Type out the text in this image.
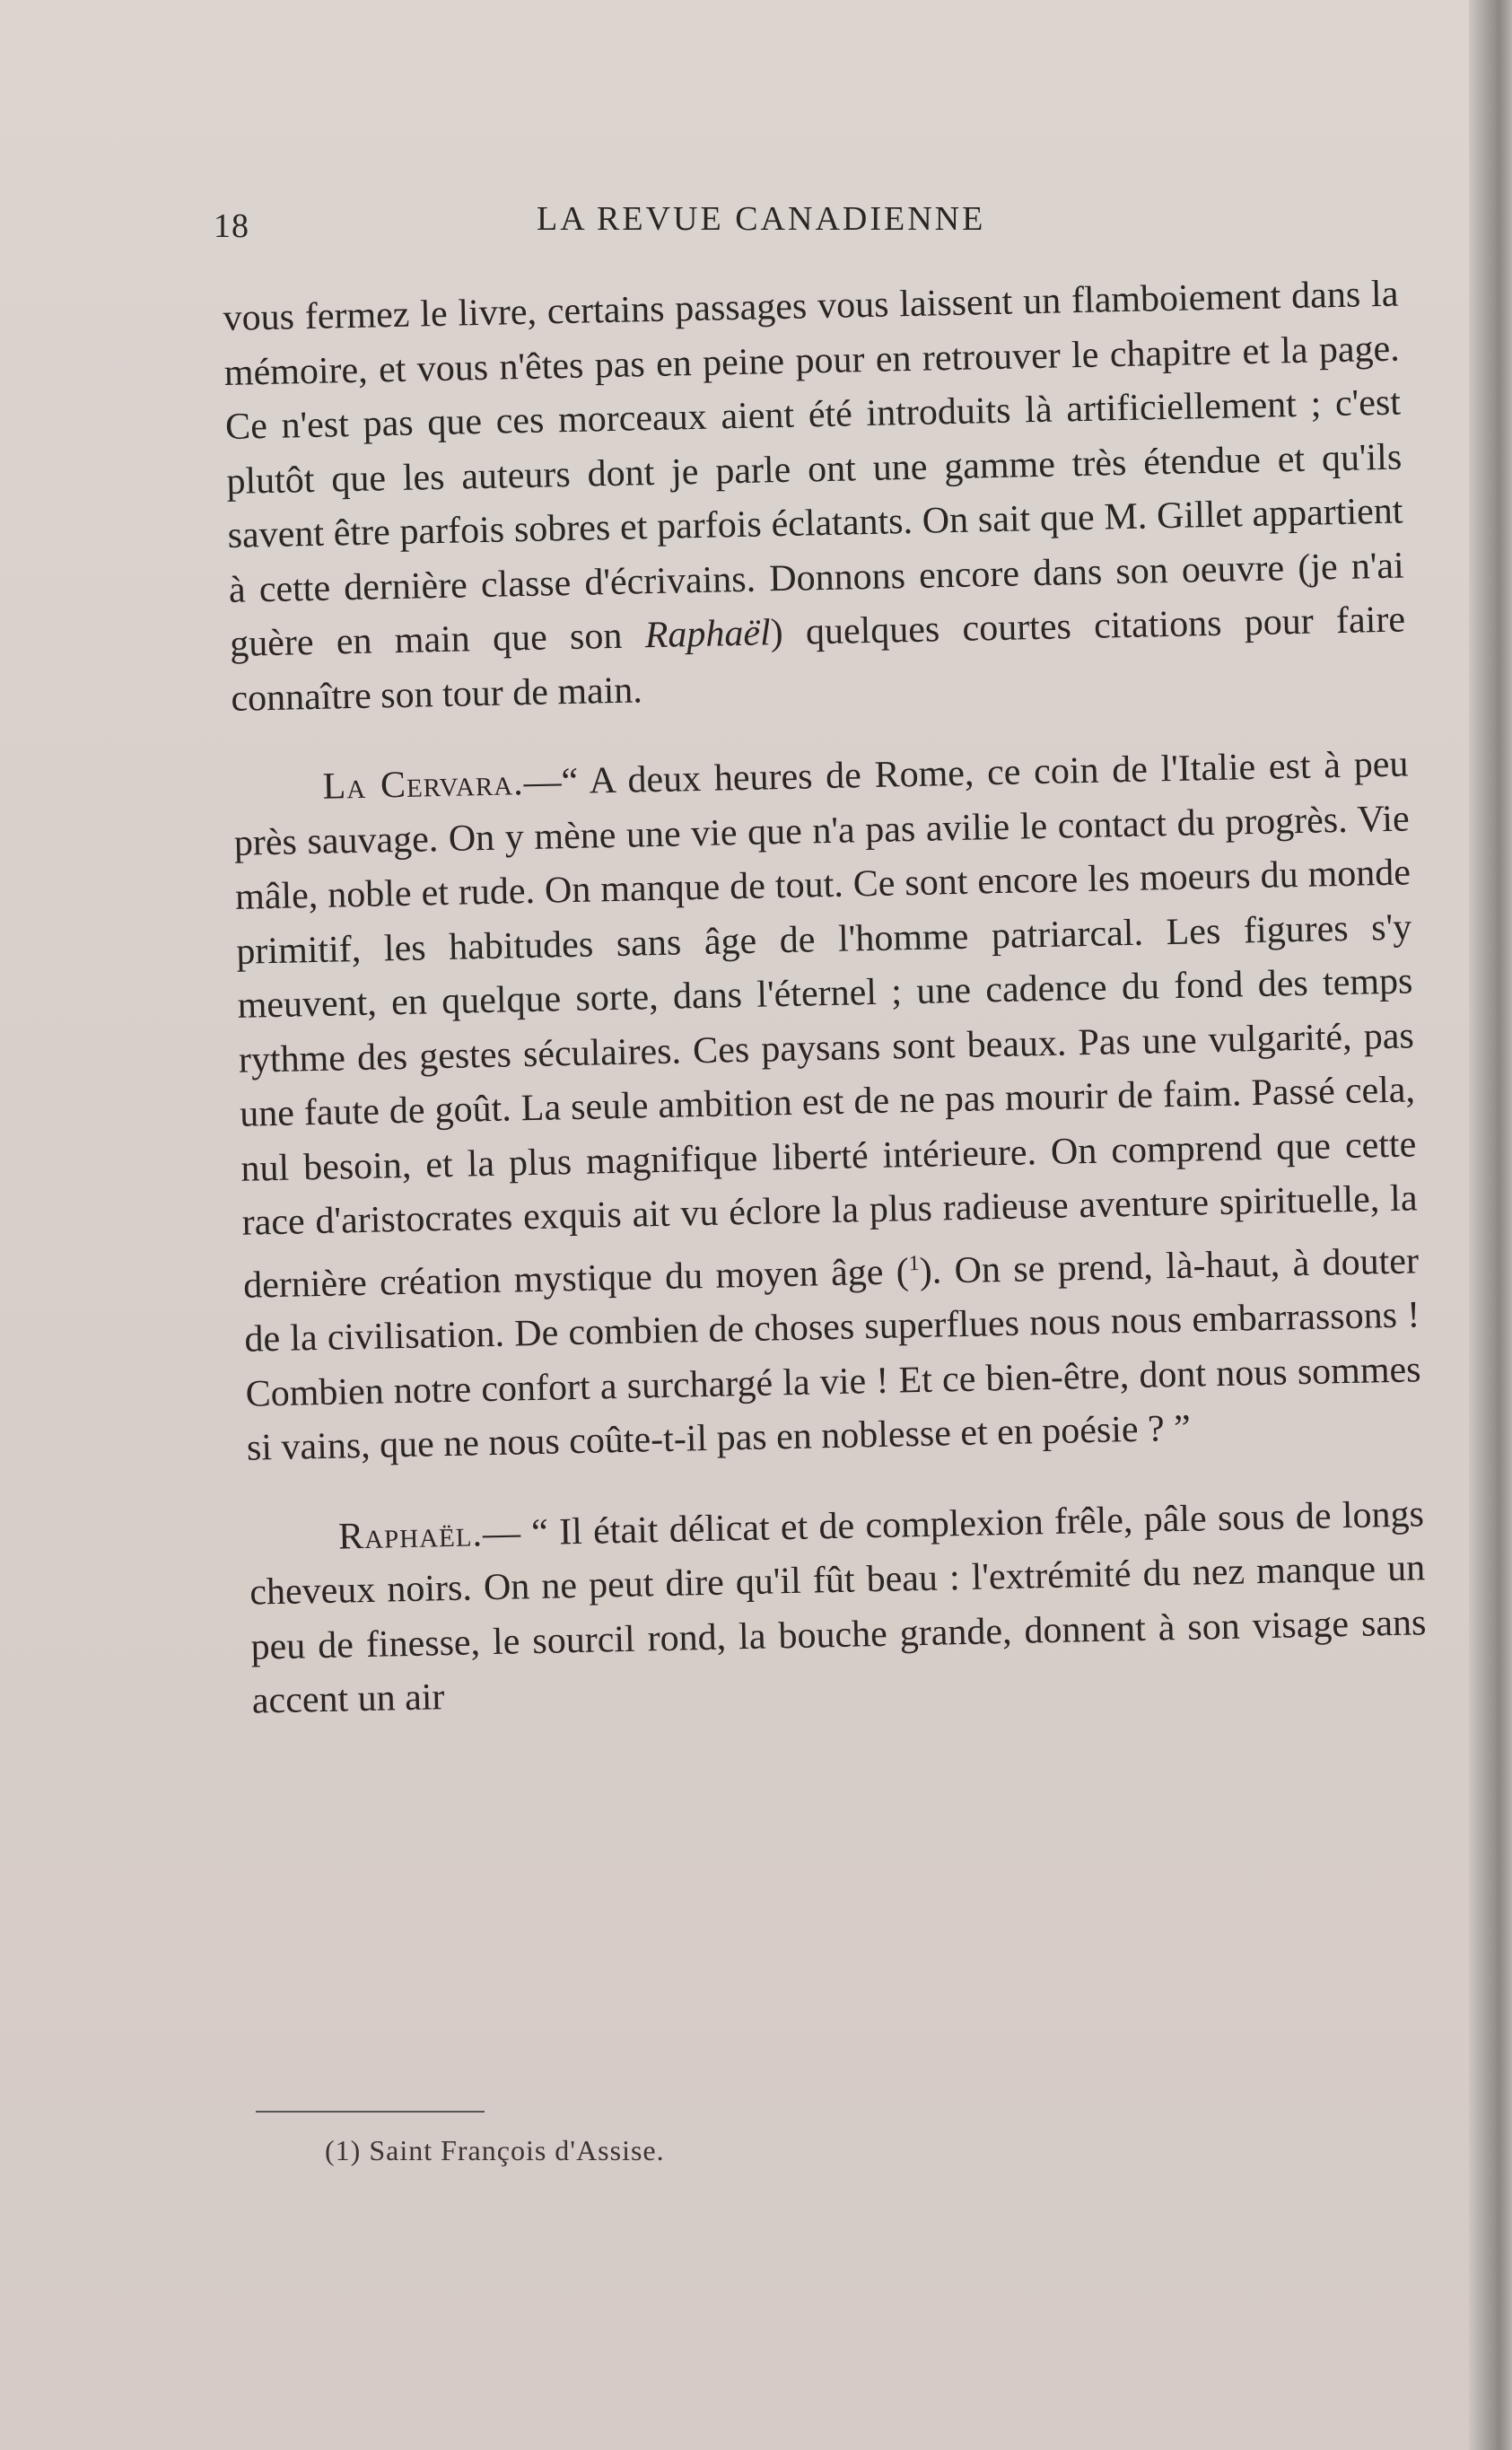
18	LA REVUE CANADIENNE

vous fermez le livre, certains passages vous laissent un flamboiement dans la mémoire, et vous n'êtes pas en peine pour en retrouver le chapitre et la page. Ce n'est pas que ces morceaux aient été introduits là artificiellement ; c'est plutôt que les auteurs dont je parle ont une gamme très étendue et qu'ils savent être parfois sobres et parfois éclatants. On sait que M. Gillet appartient à cette dernière classe d'écrivains. Donnons encore dans son oeuvre (je n'ai guère en main que son Raphaël) quelques courtes citations pour faire connaître son tour de main.

La Cervara.—“ A deux heures de Rome, ce coin de l'Italie est à peu près sauvage. On y mène une vie que n'a pas avilie le contact du progrès. Vie mâle, noble et rude. On manque de tout. Ce sont encore les moeurs du monde primitif, les habitudes sans âge de l'homme patriarcal. Les figures s'y meuvent, en quelque sorte, dans l'éternel ; une cadence du fond des temps rythme des gestes séculaires. Ces paysans sont beaux. Pas une vulgarité, pas une faute de goût. La seule ambition est de ne pas mourir de faim. Passé cela, nul besoin, et la plus magnifique liberté intérieure. On comprend que cette race d'aristocrates exquis ait vu éclore la plus radieuse aventure spirituelle, la dernière création mystique du moyen âge ($^1$). On se prend, là-haut, à douter de la civilisation. De combien de choses superflues nous nous embarrassons ! Combien notre confort a surchargé la vie ! Et ce bien-être, dont nous sommes si vains, que ne nous coûte-t-il pas en noblesse et en poésie ? ”

Raphaël.— “ Il était délicat et de complexion frêle, pâle sous de longs cheveux noirs. On ne peut dire qu'il fût beau : l'extrémité du nez manque un peu de finesse, le sourcil rond, la bouche grande, donnent à son visage sans accent un air

(1) Saint François d'Assise.
